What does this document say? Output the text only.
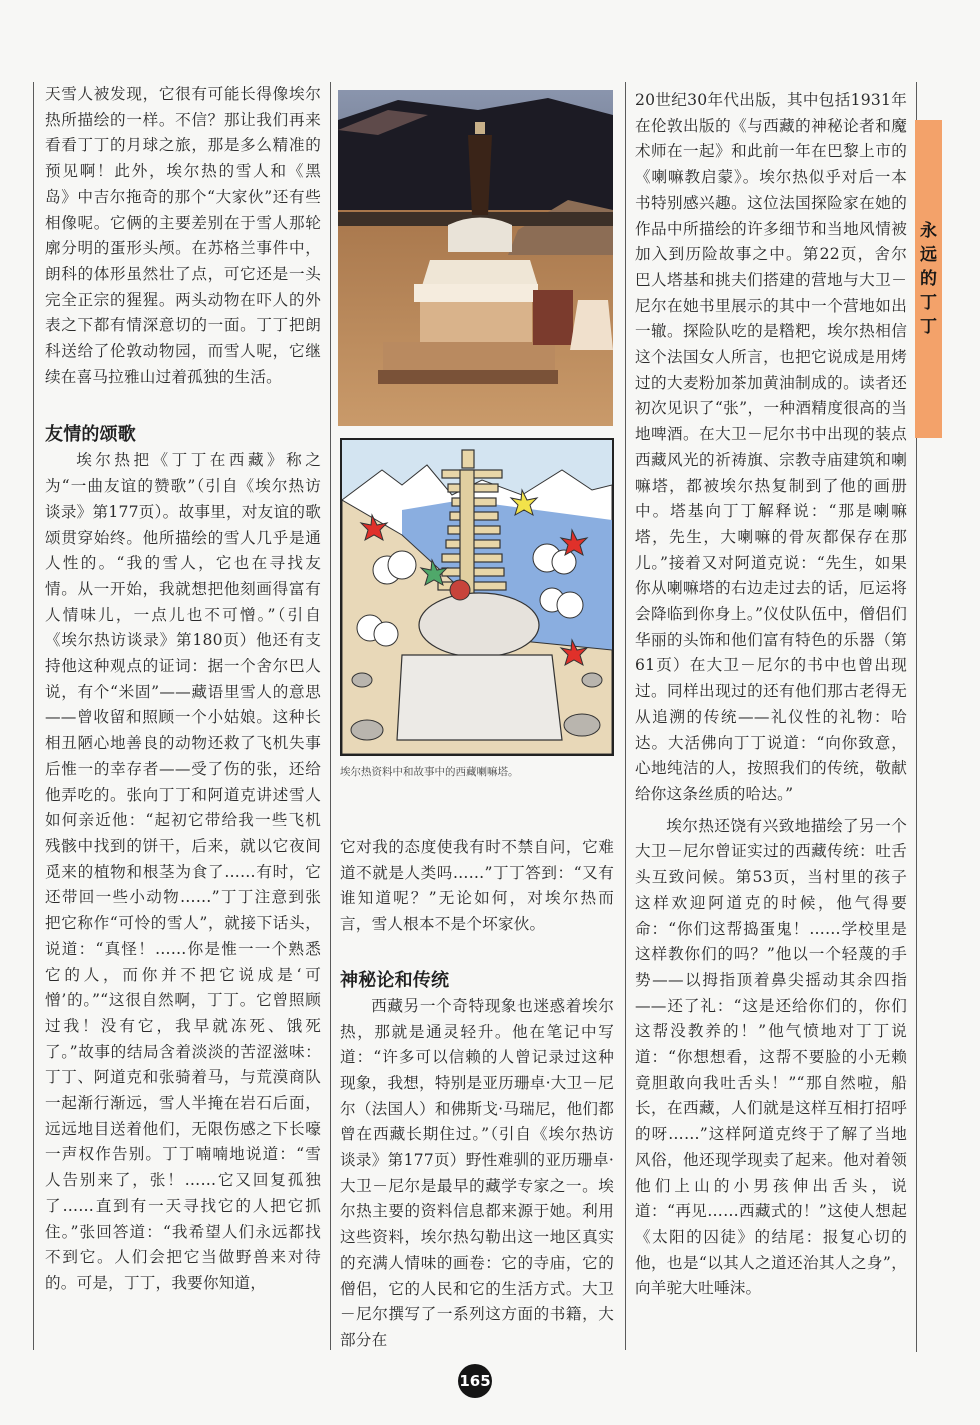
天雪人被发现，它很有可能长得像埃尔热所描绘的一样。不信？那让我们再来看看丁丁的月球之旅，那是多么精准的预见啊！此外，埃尔热的雪人和《黑岛》中吉尔拖奇的那个“大家伙”还有些相像呢。它俩的主要差别在于雪人那轮廓分明的蛋形头颅。在苏格兰事件中，朗科的体形虽然壮了点，可它还是一头完全正宗的猩猩。两头动物在吓人的外表之下都有情深意切的一面。丁丁把朗科送给了伦敦动物园，而雪人呢，它继续在喜马拉雅山过着孤独的生活。

友情的颂歌

埃尔热把《丁丁在西藏》称之为“一曲友谊的赞歌”（引自《埃尔热访谈录》第177页）。故事里，对友谊的歌颂贯穿始终。他所描绘的雪人几乎是通人性的。“我的雪人，它也在寻找友情。从一开始，我就想把他刻画得富有人情味儿，一点儿也不可憎。”（引自《埃尔热访谈录》第180页）他还有支持他这种观点的证词：据一个舍尔巴人说，有个“米固”——藏语里雪人的意思——曾收留和照顾一个小姑娘。这种长相丑陋心地善良的动物还救了飞机失事后惟一的幸存者——受了伤的张，还给他弄吃的。张向丁丁和阿道克讲述雪人如何亲近他：“起初它带给我一些飞机残骸中找到的饼干，后来，就以它夜间觅来的植物和根茎为食了……有时，它还带回一些小动物……”丁丁注意到张把它称作“可怜的雪人”，就接下话头，说道：“真怪！……你是惟一一个熟悉它的人，而你并不把它说成是‘可憎’的。”“这很自然啊，丁丁。它曾照顾过我！没有它，我早就冻死、饿死了。”故事的结局含着淡淡的苦涩滋味：丁丁、阿道克和张骑着马，与荒漠商队一起渐行渐远，雪人半掩在岩石后面，远远地目送着他们，无限伤感之下长嚎一声权作告别。丁丁喃喃地说道：“雪人告别来了，张！……它又回复孤独了……直到有一天寻找它的人把它抓住。”张回答道：“我希望人们永远都找不到它。人们会把它当做野兽来对待的。可是，丁丁，我要你知道，

埃尔热资料中和故事中的西藏喇嘛塔。

它对我的态度使我有时不禁自问，它难道不就是人类吗……”丁丁答到：“又有谁知道呢？”无论如何，对埃尔热而言，雪人根本不是个坏家伙。

神秘论和传统

西藏另一个奇特现象也迷惑着埃尔热，那就是通灵轻升。他在笔记中写道：“许多可以信赖的人曾记录过这种现象，我想，特别是亚历珊卓·大卫－尼尔（法国人）和佛斯戈·马瑞尼，他们都曾在西藏长期住过。”（引自《埃尔热访谈录》第177页）野性难驯的亚历珊卓·大卫－尼尔是最早的藏学专家之一。埃尔热主要的资料信息都来源于她。利用这些资料，埃尔热勾勒出这一地区真实的充满人情味的画卷：它的寺庙，它的僧侣，它的人民和它的生活方式。大卫－尼尔撰写了一系列这方面的书籍，大部分在

20世纪30年代出版，其中包括1931年在伦敦出版的《与西藏的神秘论者和魔术师在一起》和此前一年在巴黎上市的《喇嘛教启蒙》。埃尔热似乎对后一本书特别感兴趣。这位法国探险家在她的作品中所描绘的许多细节和当地风情被加入到历险故事之中。第22页，舍尔巴人塔基和挑夫们搭建的营地与大卫－尼尔在她书里展示的其中一个营地如出一辙。探险队吃的是糌粑，埃尔热相信这个法国女人所言，也把它说成是用烤过的大麦粉加茶加黄油制成的。读者还初次见识了“张”，一种酒精度很高的当地啤酒。在大卫－尼尔书中出现的装点西藏风光的祈祷旗、宗教寺庙建筑和喇嘛塔，都被埃尔热复制到了他的画册中。塔基向丁丁解释说：“那是喇嘛塔，先生，大喇嘛的骨灰都保存在那儿。”接着又对阿道克说：“先生，如果你从喇嘛塔的右边走过去的话，厄运将会降临到你身上。”仪仗队伍中，僧侣们华丽的头饰和他们富有特色的乐器（第61页）在大卫－尼尔的书中也曾出现过。同样出现过的还有他们那古老得无从追溯的传统——礼仪性的礼物：哈达。大活佛向丁丁说道：“向你致意，心地纯洁的人，按照我们的传统，敬献给你这条丝质的哈达。”

埃尔热还饶有兴致地描绘了另一个大卫－尼尔曾证实过的西藏传统：吐舌头互致问候。第53页，当村里的孩子这样欢迎阿道克的时候，他气得要命：“你们这帮捣蛋鬼！……学校里是这样教你们的吗？”他以一个轻蔑的手势——以拇指顶着鼻尖摇动其余四指——还了礼：“这是还给你们的，你们这帮没教养的！”他气愤地对丁丁说道：“你想想看，这帮不要脸的小无赖竟胆敢向我吐舌头！”“那自然啦，船长，在西藏，人们就是这样互相打招呼的呀……”这样阿道克终于了解了当地风俗，他还现学现卖了起来。他对着领他们上山的小男孩伸出舌头，说道：“再见……西藏式的！”这使人想起《太阳的囚徒》的结尾：报复心切的他，也是“以其人之道还治其人之身”，向羊驼大吐唾沫。

永
远
的
丁
丁
165
